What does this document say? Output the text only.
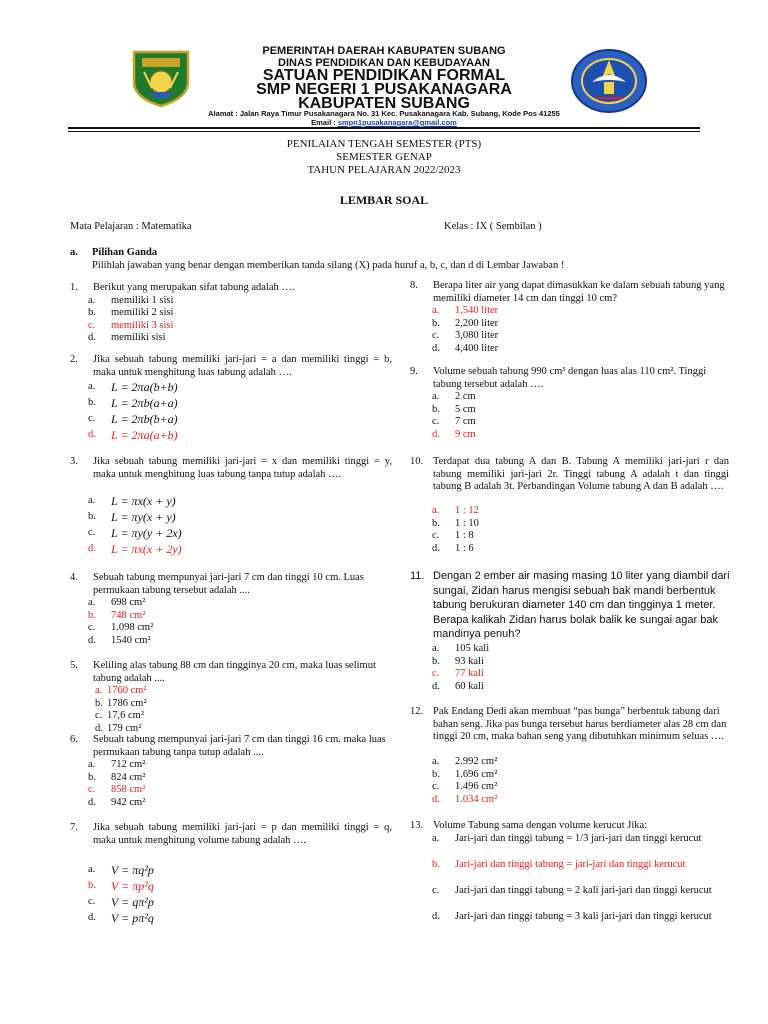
PEMERINTAH DAERAH KABUPATEN SUBANG
DINAS PENDIDIKAN DAN KEBUDAYAAN
SATUAN PENDIDIKAN FORMAL
SMP NEGERI 1 PUSAKANAGARA
KABUPATEN SUBANG
Alamat : Jalan Raya Timur Pusakanagara No. 31 Kec. Pusakanagara Kab. Subang, Kode Pos 41255
Email : smpn1pusakanagara@gmail.com
PENILAIAN TENGAH SEMESTER (PTS)
SEMESTER GENAP
TAHUN PELAJARAN 2022/2023
LEMBAR SOAL
Mata Pelajaran : Matematika	Kelas : IX ( Sembilan )
a. Pilihan Ganda
Pilihlah jawaban yang benar dengan memberikan tanda silang (X) pada huruf a, b, c, dan d di Lembar Jawaban !
1. Berikut yang merupakan sifat tabung adalah ….
a. memiliki 1 sisi
b. memiliki 2 sisi
c. memiliki 3 sisi
d. memiliki sisi
2. Jika sebuah tabung memiliki jari-jari = a dan memiliki tinggi = b, maka untuk menghitung luas tabung adalah ….
a. L = 2πa(b+b)
b. L = 2πb(a+a)
c. L = 2πb(b+a)
d. L = 2πa(a+b)
3. Jika sebuah tabung memiliki jari-jari = x dan memiliki tinggi = y, maka untuk menghitung luas tabung tanpa tutup adalah ….
a. L = πx(x + y)
b. L = πy(x + y)
c. L = πy(y + 2x)
d. L = πx(x + 2y)
4. Sebuah tabung mempunyai jari-jari 7 cm dan tinggi 10 cm. Luas permukaan tabung tersebut adalah ....
a. 698 cm²
b. 748 cm²
c. 1.098 cm²
d. 1540 cm²
5. Keliling alas tabung 88 cm dan tingginya 20 cm, maka luas selimut tabung adalah ....
a. 1760 cm²
b. 1786 cm²
c. 17,6 cm²
d. 179 cm²
6. Sebuah tabung mempunyai jari-jari 7 cm dan tinggi 16 cm. maka luas permukaan tabung tanpa tutup adalah ....
a. 712 cm²
b. 824 cm²
c. 858 cm²
d. 942 cm²
7. Jika sebuah tabung memiliki jari-jari = p dan memiliki tinggi = q, maka untuk menghitung volume tabung adalah ….
a. V = πq²p
b. V = πp²q
c. V = qπ²p
d. V = pπ²q
8. Berapa liter air yang dapat dimasukkan ke dalam sebuah tabung yang memiliki diameter 14 cm dan tinggi 10 cm?
a. 1,540 liter
b. 2,200 liter
c. 3,080 liter
d. 4,400 liter
9. Volume sebuah tabung 990 cm³ dengan luas alas 110 cm². Tinggi tabung tersebut adalah ….
a. 2 cm
b. 5 cm
c. 7 cm
d. 9 cm
10. Terdapat dua tabung A dan B. Tabung A memiliki jari-jari r dan tabung memiliki jari-jari 2r. Tinggi tabung A adalah t dan tinggi tabung B adalah 3t. Perbandingan Volume tabung A dan B adalah ….
a. 1 : 12
b. 1 : 10
c. 1 : 8
d. 1 : 6
11. Dengan 2 ember air masing masing 10 liter yang diambil dari sungai, Zidan harus mengisi sebuah bak mandi berbentuk tabung berukuran diameter 140 cm dan tingginya 1 meter. Berapa kalikah Zidan harus bolak balik ke sungai agar bak mandinya penuh?
a. 105 kali
b. 93 kali
c. 77 kali
d. 60 kali
12. Pak Endang Dedi akan membuat “pas bunga” berbentuk tabung dari bahan seng. Jika pas bunga tersebut harus berdiameter alas 28 cm dan tinggi 20 cm, maka bahan seng yang dibutuhkan minimum seluas ….
a. 2.992 cm²
b. 1.696 cm²
c. 1.496 cm²
d. 1.034 cm²
13. Volume Tabung sama dengan volume kerucut Jika:
a. Jari-jari dan tinggi tabung = 1/3 jari-jari dan tinggi kerucut
b. Jari-jari dan tinggi tabung = jari-jari dan tinggi kerucut
c. Jari-jari dan tinggi tabung = 2 kali jari-jari dan tinggi kerucut
d. Jari-jari dan tinggi tabung = 3 kali jari-jari dan tinggi kerucut
